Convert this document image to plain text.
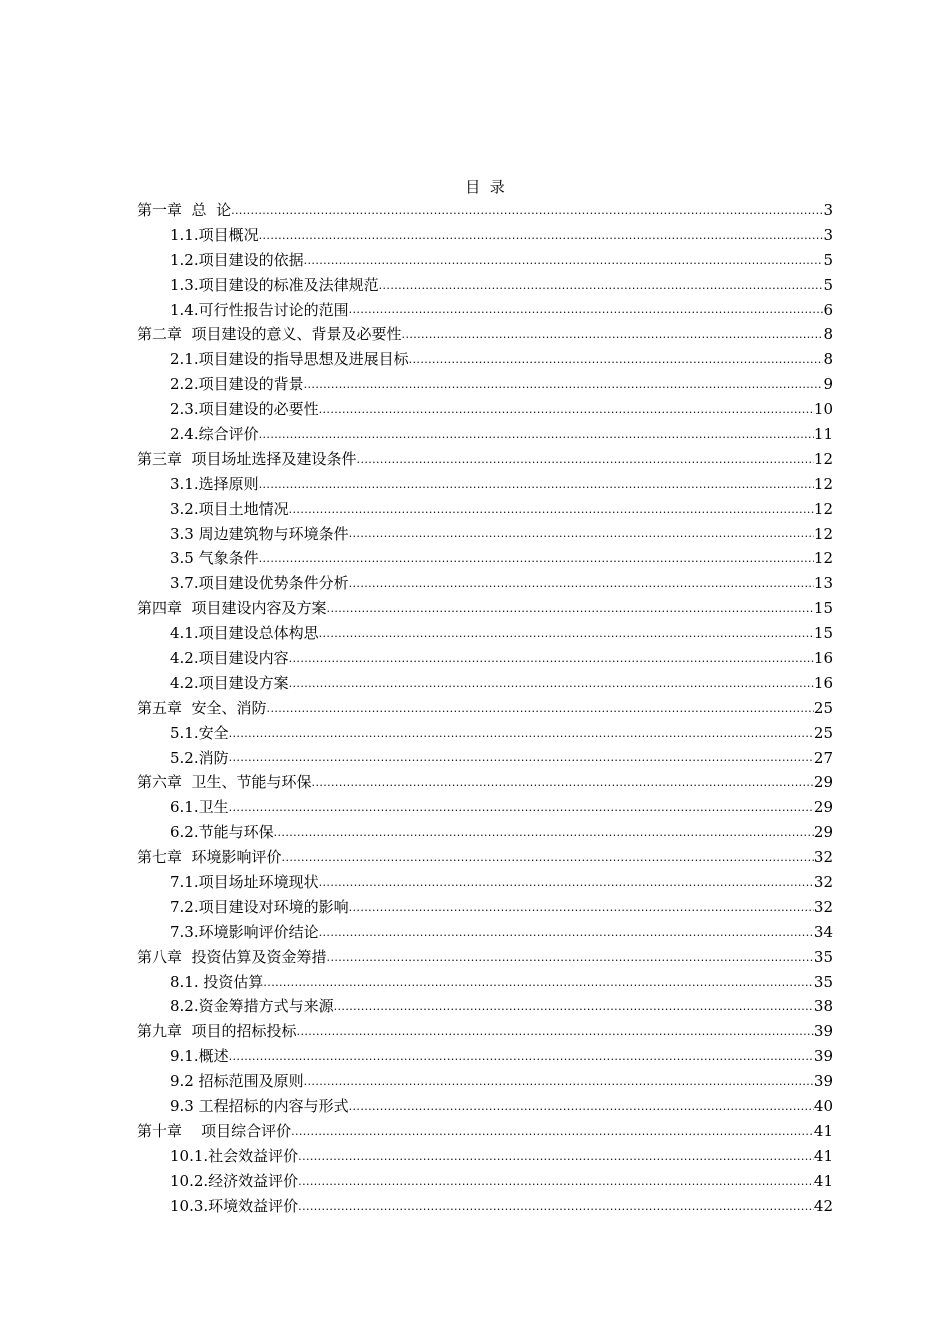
目  录
第一章  总  论 .....	3
1.1.项目概况 .....	3
1.2.项目建设的依据 .....	5
1.3.项目建设的标准及法律规范 .....	5
1.4.可行性报告讨论的范围 .....	6
第二章  项目建设的意义、背景及必要性 .....	8
2.1.项目建设的指导思想及进展目标 .....	8
2.2.项目建设的背景 .....	9
2.3.项目建设的必要性 .....	10
2.4.综合评价 .....	11
第三章  项目场址选择及建设条件 .....	12
3.1.选择原则 .....	12
3.2.项目土地情况 .....	12
3.3 周边建筑物与环境条件 .....	12
3.5 气象条件 .....	12
3.7.项目建设优势条件分析 .....	13
第四章  项目建设内容及方案 .....	15
4.1.项目建设总体构思 .....	15
4.2.项目建设内容 .....	16
4.2.项目建设方案 .....	16
第五章  安全、消防 .....	25
5.1.安全 .....	25
5.2.消防 .....	27
第六章  卫生、节能与环保 .....	29
6.1.卫生 .....	29
6.2.节能与环保 .....	29
第七章  环境影响评价 .....	32
7.1.项目场址环境现状 .....	32
7.2.项目建设对环境的影响 .....	32
7.3.环境影响评价结论 .....	34
第八章  投资估算及资金筹措 .....	35
8.1. 投资估算 .....	35
8.2.资金筹措方式与来源 .....	38
第九章  项目的招标投标 .....	39
9.1.概述 .....	39
9.2 招标范围及原则 .....	39
9.3 工程招标的内容与形式 .....	40
第十章    项目综合评价 .....	41
10.1.社会效益评价 .....	41
10.2.经济效益评价 .....	41
10.3.环境效益评价 .....	42
